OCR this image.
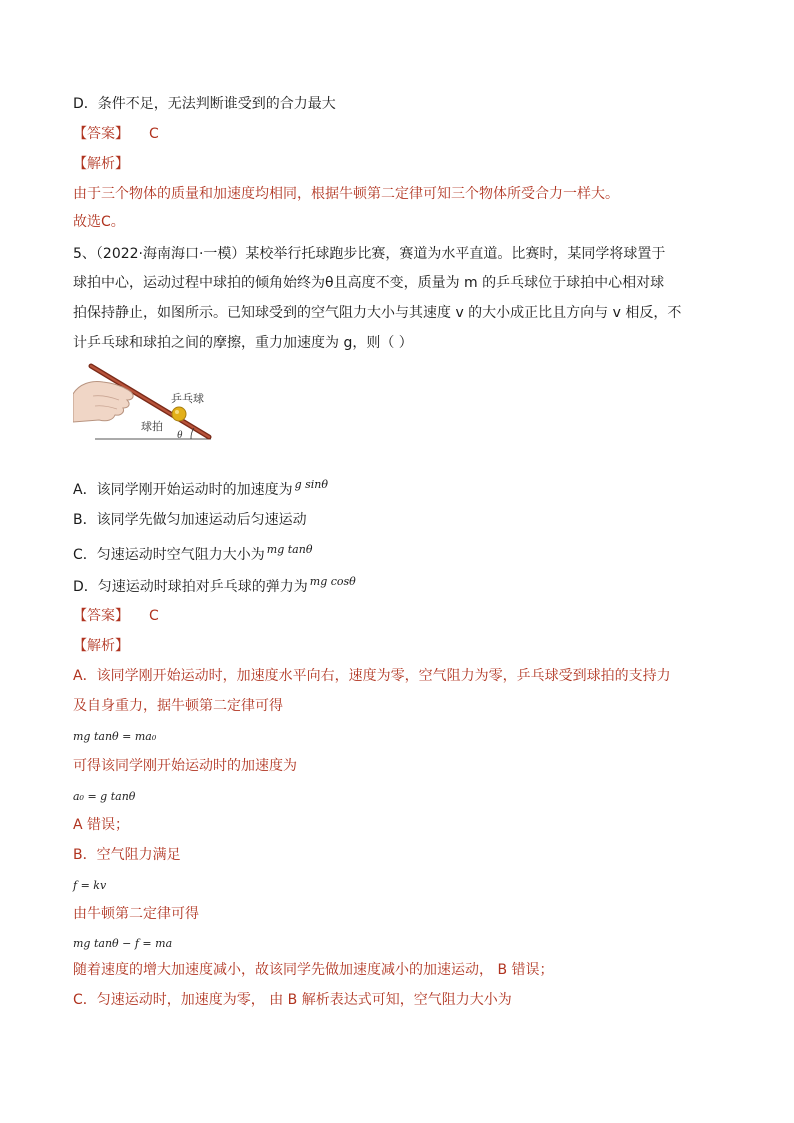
D．条件不足，无法判断谁受到的合力最大
【答案】 C
【解析】
由于三个物体的质量和加速度均相同，根据牛顿第二定律可知三个物体所受合力一样大。
故选C。
5、（2022·海南海口·一模）某校举行托球跑步比赛，赛道为水平直道。比赛时，某同学将球置于
球拍中心，运动过程中球拍的倾角始终为θ且高度不变，质量为 m 的乒乓球位于球拍中心相对球
拍保持静止，如图所示。已知球受到的空气阻力大小与其速度 v 的大小成正比且方向与 v 相反，不
计乒乓球和球拍之间的摩擦，重力加速度为 g，则（ ）
乒乓球
球拍
θ
A．该同学刚开始运动时的加速度为 $^{g sin\theta}$
B．该同学先做匀加速运动后匀速运动
C．匀速运动时空气阻力大小为 $^{mg tan\theta}$
D．匀速运动时球拍对乒乓球的弹力为 $^{mg cos\theta}$
【答案】 C
【解析】
A．该同学刚开始运动时，加速度水平向右，速度为零，空气阻力为零，乒乓球受到球拍的支持力
及自身重力，据牛顿第二定律可得
mg tanθ = ma₀
可得该同学刚开始运动时的加速度为
a₀ = g tanθ
A 错误；
B．空气阻力满足
f = kv
由牛顿第二定律可得
mg tanθ − f = ma
随着速度的增大加速度减小，故该同学先做加速度减小的加速运动， B 错误；
C．匀速运动时，加速度为零， 由 B 解析表达式可知，空气阻力大小为
